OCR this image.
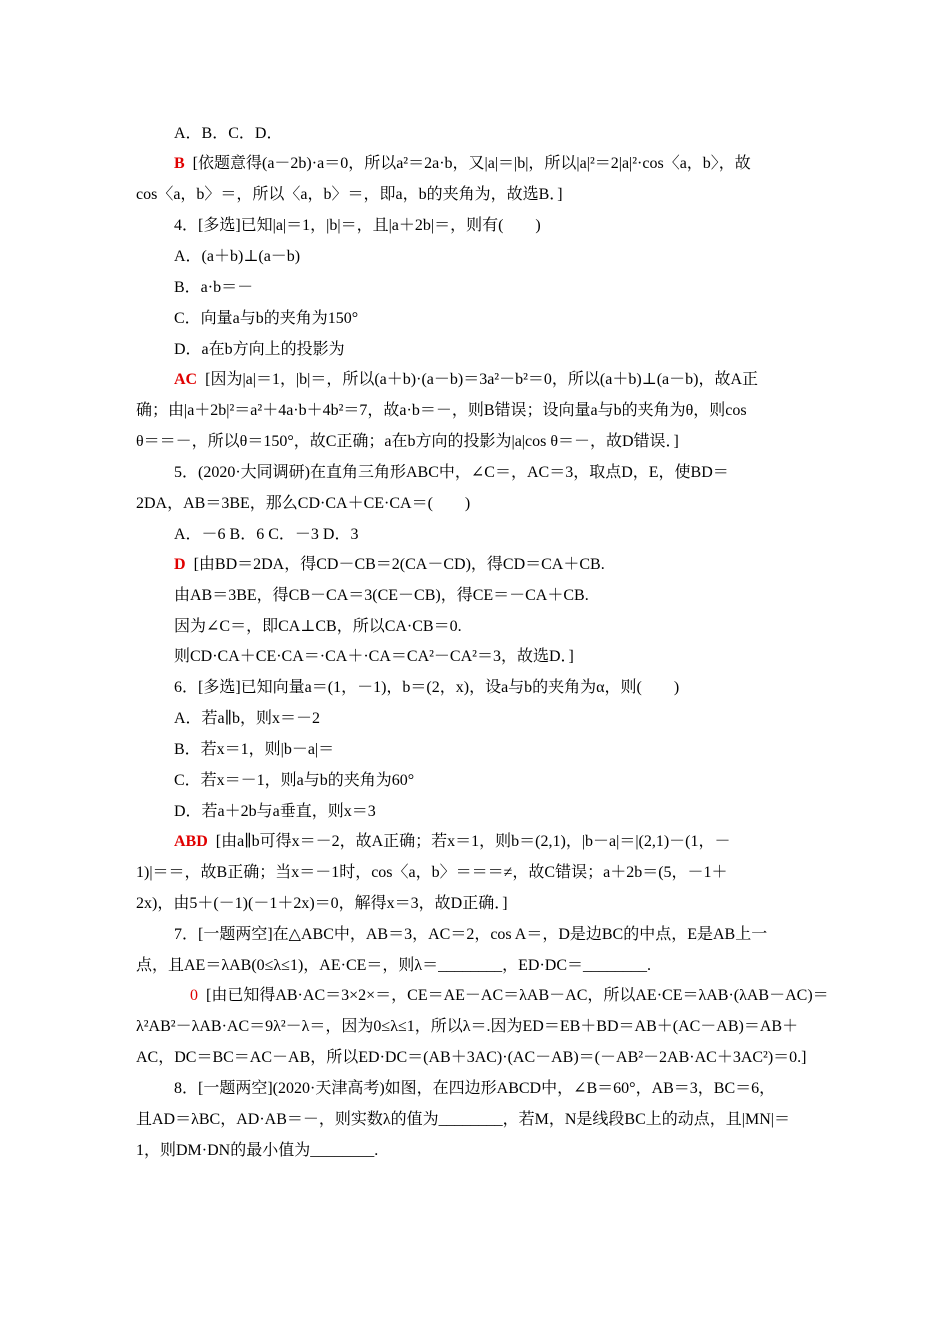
A．B．C．D．
B [依题意得(a－2b)·a＝0，所以a²＝2a·b，又|a|＝|b|，所以|a|²＝2|a|²·cos〈a，b〉，故
cos〈a，b〉＝，所以〈a，b〉＝，即a，b的夹角为，故选B．]
4．[多选]已知|a|＝1，|b|＝，且|a＋2b|＝，则有(　　)
A．(a＋b)⊥(a－b)
B．a·b＝－
C．向量a与b的夹角为150°
D．a在b方向上的投影为
AC [因为|a|＝1，|b|＝，所以(a＋b)·(a－b)＝3a²－b²＝0，所以(a＋b)⊥(a－b)，故A正
确；由|a＋2b|²＝a²＋4a·b＋4b²＝7，故a·b＝－，则B错误；设向量a与b的夹角为θ，则cos
θ＝＝－，所以θ＝150°，故C正确；a在b方向的投影为|a|cos θ＝－，故D错误．]
5．(2020·大同调研)在直角三角形ABC中，∠C＝，AC＝3，取点D，E，使BD＝
2DA，AB＝3BE，那么CD·CA＋CE·CA＝(　　)
A．－6 B．6 C．－3 D．3
D [由BD＝2DA，得CD－CB＝2(CA－CD)，得CD＝CA＋CB.
由AB＝3BE，得CB－CA＝3(CE－CB)，得CE＝－CA＋CB.
因为∠C＝，即CA⊥CB，所以CA·CB＝0.
则CD·CA＋CE·CA＝·CA＋·CA＝CA²－CA²＝3，故选D．]
6．[多选]已知向量a＝(1，－1)，b＝(2，x)，设a与b的夹角为α，则(　　)
A．若a∥b，则x＝－2
B．若x＝1，则|b－a|＝
C．若x＝－1，则a与b的夹角为60°
D．若a＋2b与a垂直，则x＝3
ABD [由a∥b可得x＝－2，故A正确；若x＝1，则b＝(2,1)，|b－a|＝|(2,1)－(1，－
1)|＝＝，故B正确；当x＝－1时，cos〈a，b〉＝＝＝≠，故C错误；a＋2b＝(5，－1＋
2x)，由5＋(－1)(－1＋2x)＝0，解得x＝3，故D正确．]
7．[一题两空]在△ABC中，AB＝3，AC＝2，cos A＝，D是边BC的中点，E是AB上一
点，且AE＝λAB(0≤λ≤1)，AE·CE＝，则λ＝________，ED·DC＝________.
0 [由已知得AB·AC＝3×2×＝，CE＝AE－AC＝λAB－AC，所以AE·CE＝λAB·(λAB－AC)＝
λ²AB²－λAB·AC＝9λ²－λ＝，因为0≤λ≤1，所以λ＝.因为ED＝EB＋BD＝AB＋(AC－AB)＝AB＋
AC，DC＝BC＝AC－AB，所以ED·DC＝(AB＋3AC)·(AC－AB)＝(－AB²－2AB·AC＋3AC²)＝0.]
8．[一题两空](2020·天津高考)如图，在四边形ABCD中，∠B＝60°，AB＝3，BC＝6，
且AD＝λBC，AD·AB＝－，则实数λ的值为________，若M，N是线段BC上的动点，且|MN|＝
1，则DM·DN的最小值为________.
